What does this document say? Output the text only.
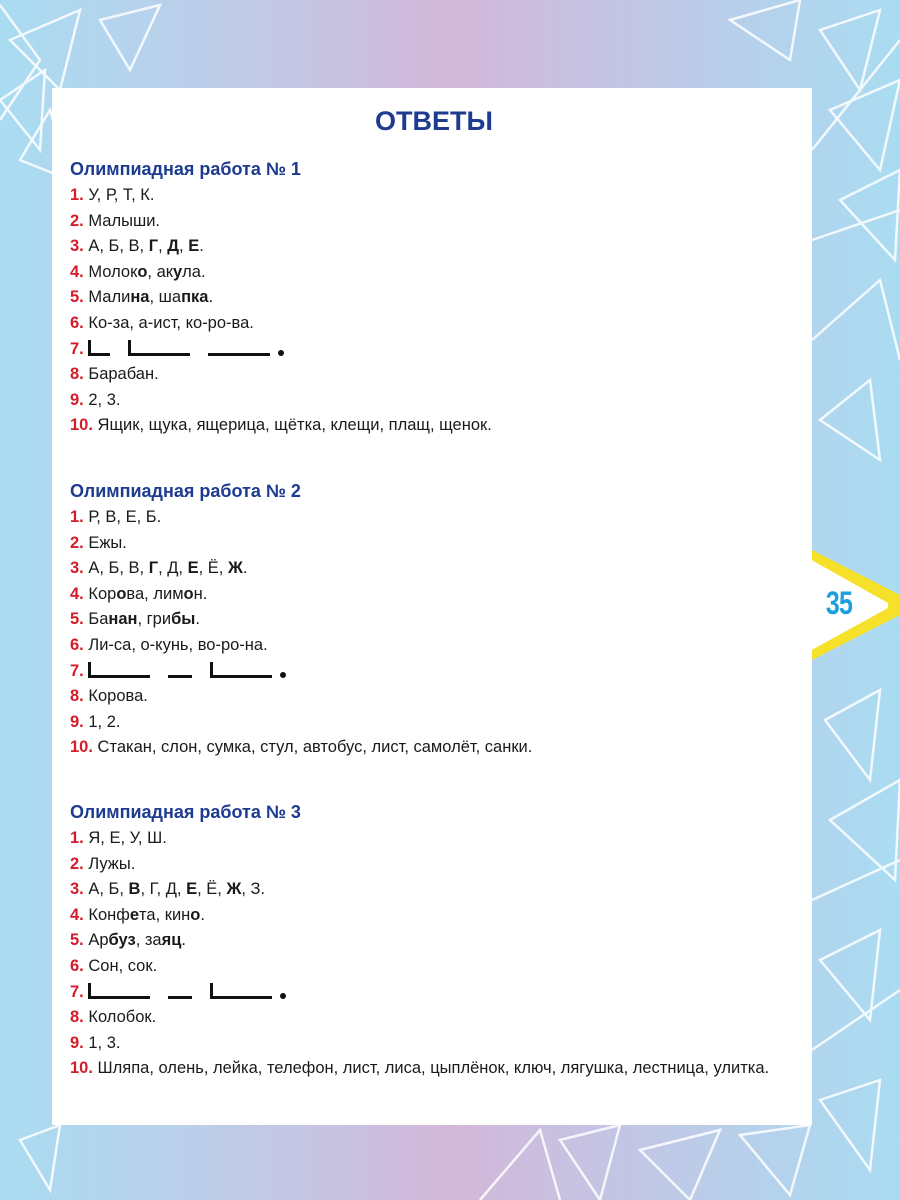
35
ОТВЕТЫ
Олимпиадная работа № 1
1. У, Р, Т, К.
2. Малыши.
3. А, Б, В, Г, Д, Е.
4. Молоко, акула.
5. Малина, шапка.
6. Ко-за, а-ист, ко-ро-ва.
7.
8. Барабан.
9. 2, 3.
10. Ящик, щука, ящерица, щётка, клещи, плащ, щенок.
Олимпиадная работа № 2
1. Р, В, Е, Б.
2. Ежы.
3. А, Б, В, Г, Д, Е, Ё, Ж.
4. Корова, лимон.
5. Банан, грибы.
6. Ли-са, о-кунь, во-ро-на.
7.
8. Корова.
9. 1, 2.
10. Стакан, слон, сумка, стул, автобус, лист, самолёт, санки.
Олимпиадная работа № 3
1. Я, Е, У, Ш.
2. Лужы.
3. А, Б, В, Г, Д, Е, Ё, Ж, З.
4. Конфета, кино.
5. Арбуз, заяц.
6. Сон, сок.
7.
8. Колобок.
9. 1, 3.
10. Шляпа, олень, лейка, телефон, лист, лиса, цыплёнок, ключ, лягушка, лестница, улитка.
